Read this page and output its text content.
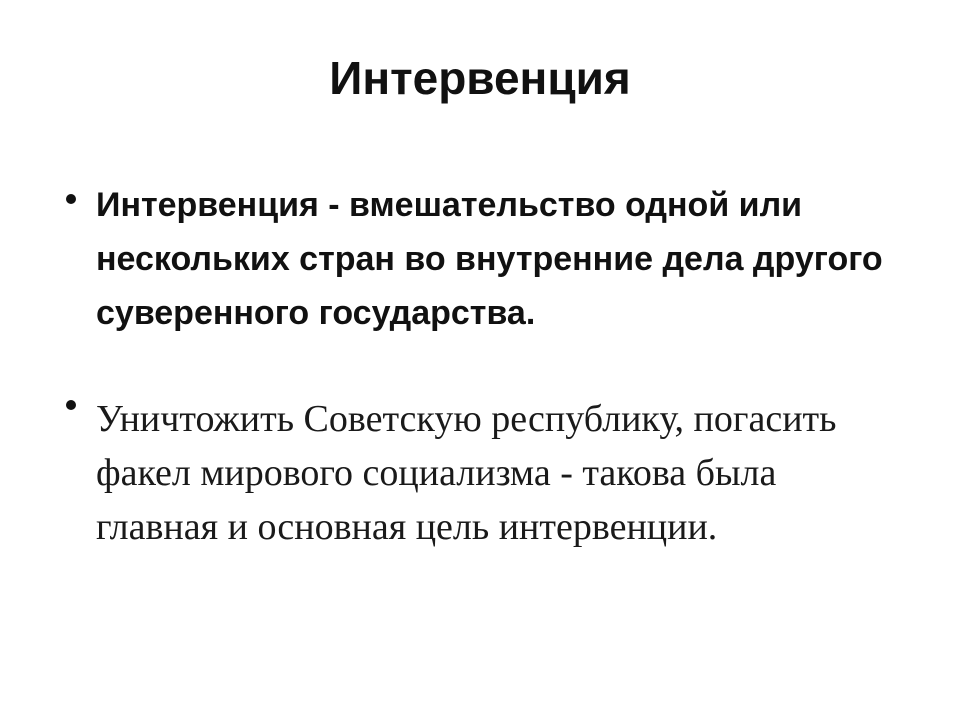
Интервенция

Интервенция - вмешательство одной или нескольких стран во внутренние дела другого суверенного государства.

Уничтожить Советскую республику, погасить факел мирового социализма - такова была главная и основная цель интервенции.
